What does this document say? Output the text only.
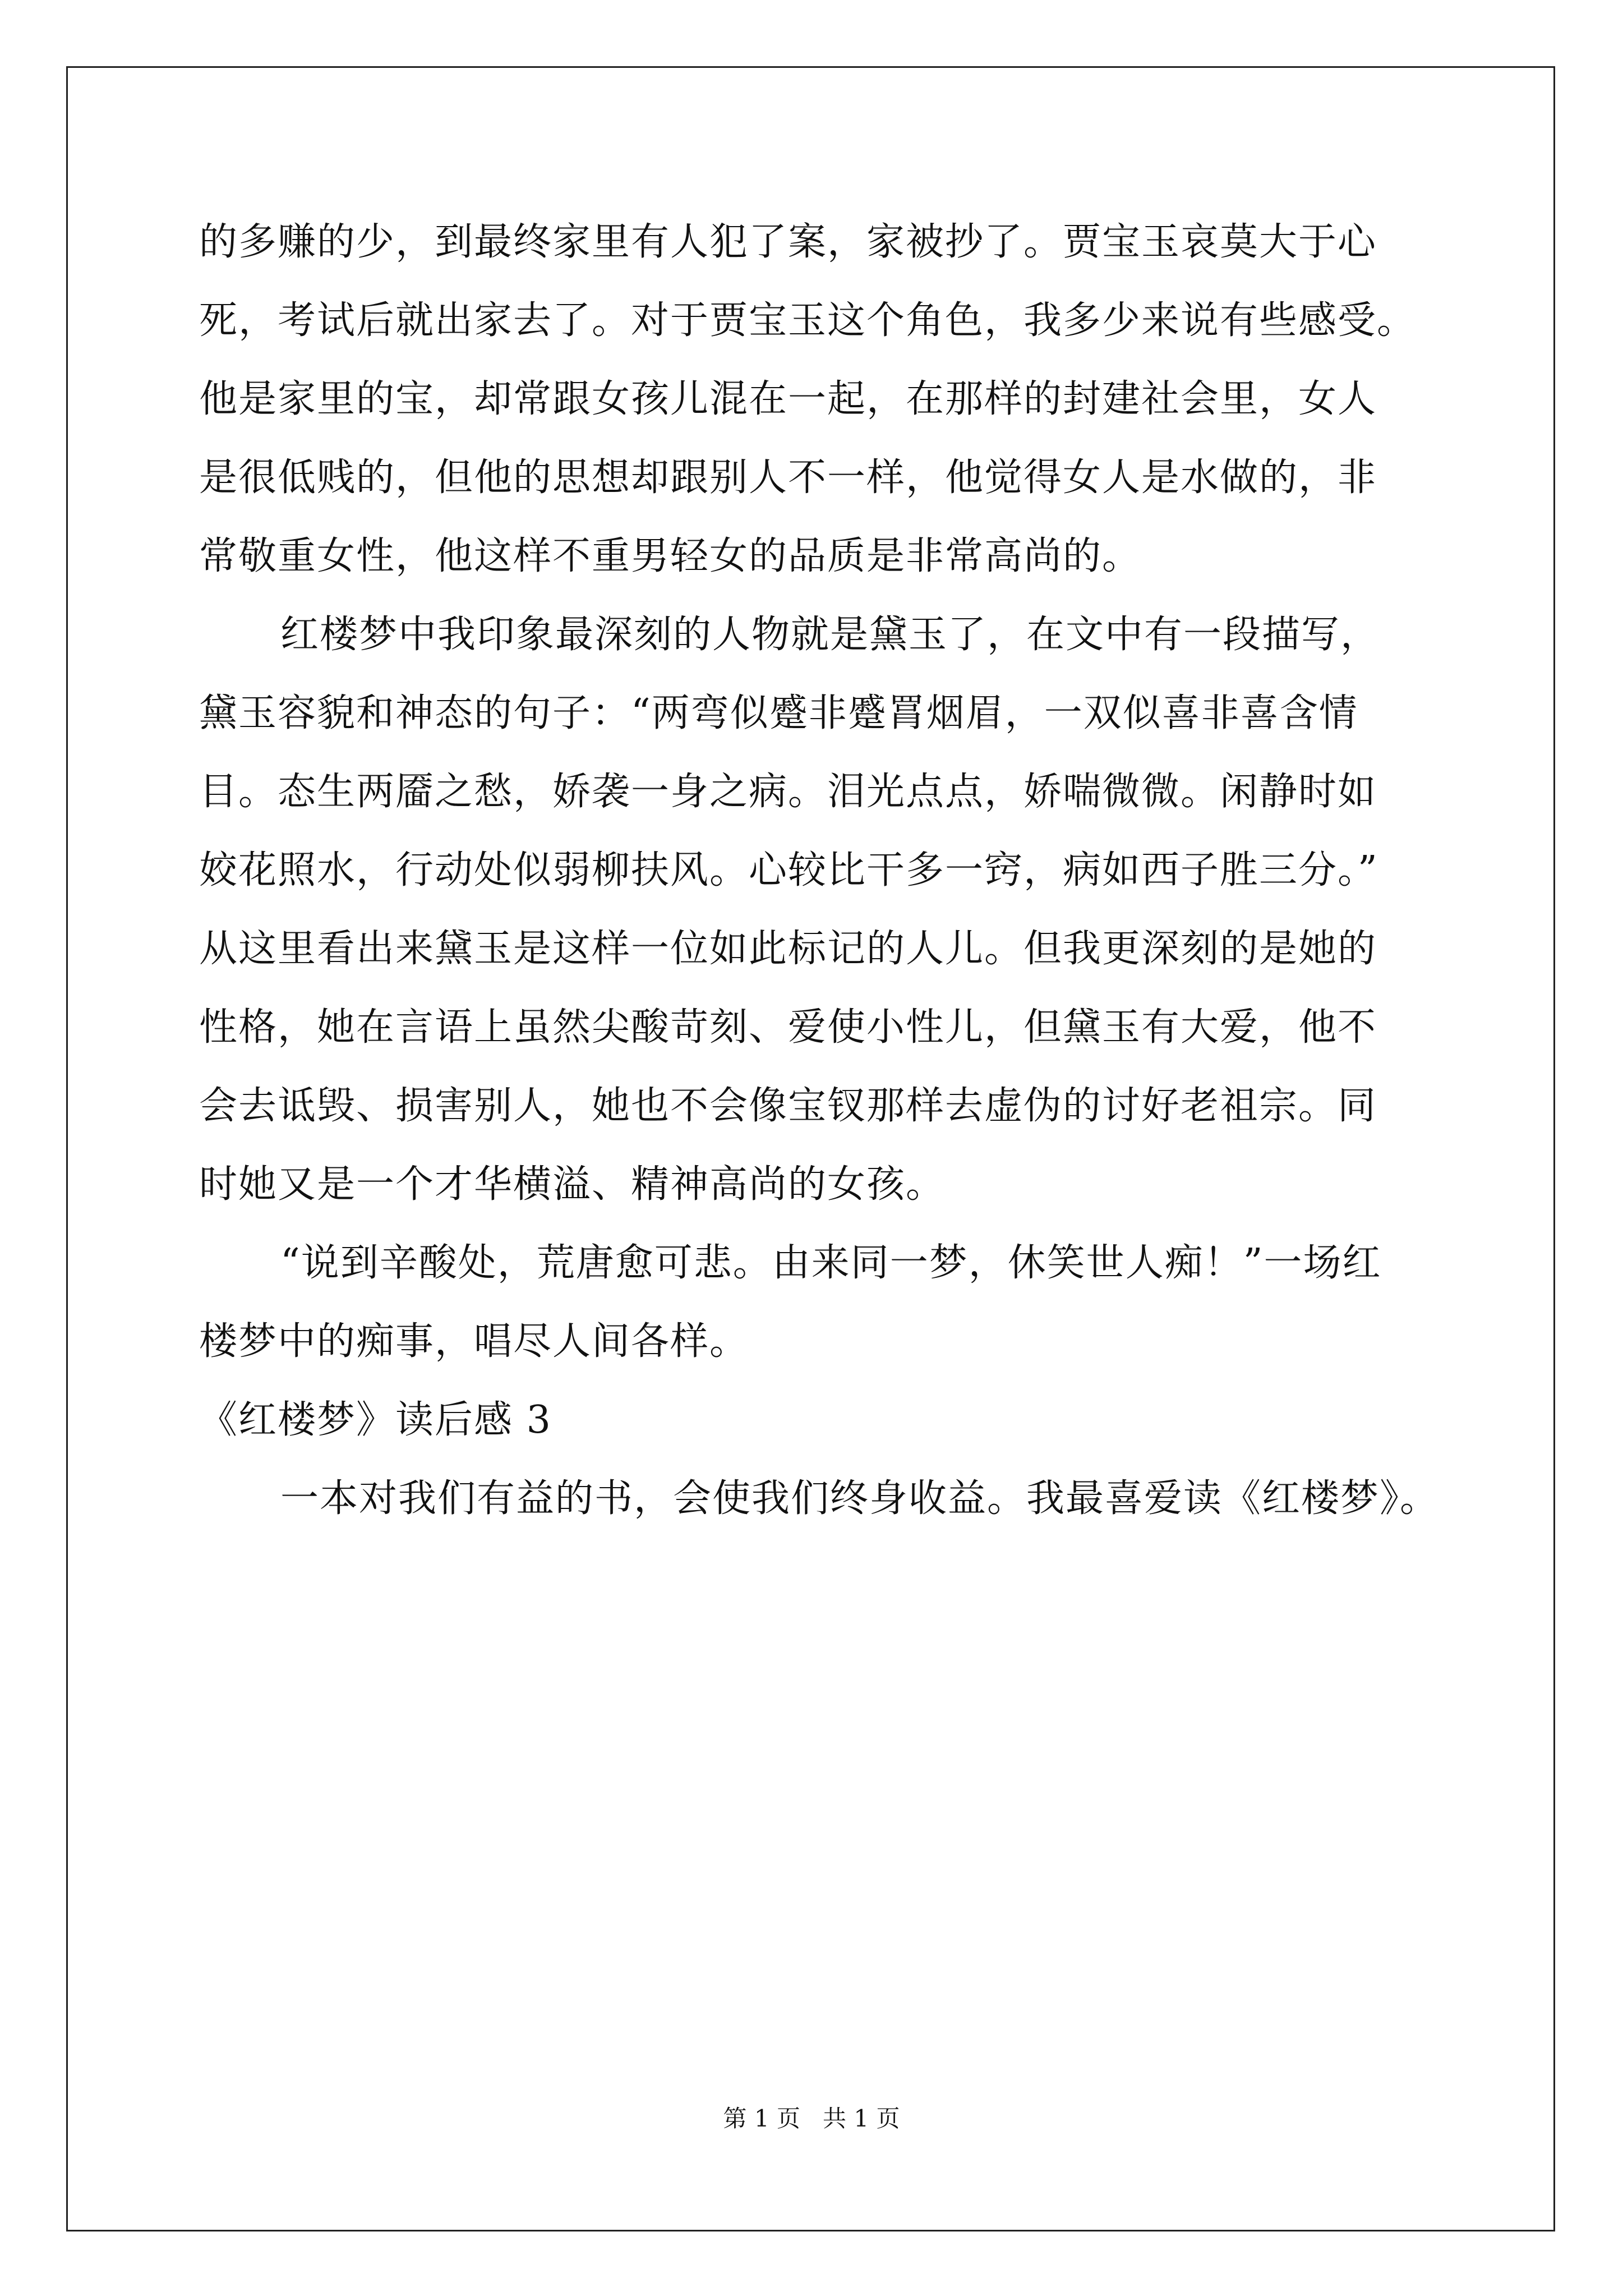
的多赚的少，到最终家里有人犯了案，家被抄了。贾宝玉哀莫大于心

死，考试后就出家去了。对于贾宝玉这个角色，我多少来说有些感受。

他是家里的宝，却常跟女孩儿混在一起，在那样的封建社会里，女人

是很低贱的，但他的思想却跟别人不一样，他觉得女人是水做的，非

常敬重女性，他这样不重男轻女的品质是非常高尚的。

红楼梦中我印象最深刻的人物就是黛玉了，在文中有一段描写，

黛玉容貌和神态的句子：“两弯似蹙非蹙罥烟眉，一双似喜非喜含情

目。态生两靥之愁，娇袭一身之病。泪光点点，娇喘微微。闲静时如

姣花照水，行动处似弱柳扶风。心较比干多一窍，病如西子胜三分。”

从这里看出来黛玉是这样一位如此标记的人儿。但我更深刻的是她的

性格，她在言语上虽然尖酸苛刻、爱使小性儿，但黛玉有大爱，他不

会去诋毁、损害别人，她也不会像宝钗那样去虚伪的讨好老祖宗。同

时她又是一个才华横溢、精神高尚的女孩。

“说到辛酸处，荒唐愈可悲。由来同一梦，休笑世人痴！”一场红

楼梦中的痴事，唱尽人间各样。

《红楼梦》读后感 3

一本对我们有益的书，会使我们终身收益。我最喜爱读《红楼梦》。

第 1 页   共 1 页
